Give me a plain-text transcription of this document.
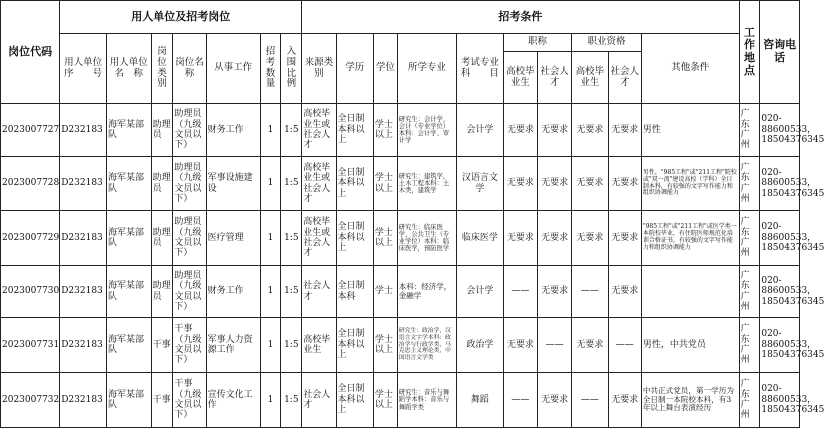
岗位代码	用人单位及招考岗位							招考条件										工作地点	咨询电话
	用人单位序　　号	用人单位名　称	岗位类别	岗位名称	从事工作	招考数量	入围比例	来源类别	学历	学位	所学专业	考试专业科　　目	职称		职业资格		其他条件		
													高校毕业生	社会人才	高校毕业生	社会人才			
2023007727	D232183	海军某部队	助理员	助理员（九级文员以下）	财务工作	1	1:5	高校毕业生或社会人才	全日制本科以上	学士以上	研究生：会计学，会计（专业学位）本科：会计学、审计学	会计学	无要求	无要求	无要求	无要求	男性	广东广州	020-88600533，18504376345
2023007728	D232183	海军某部队	助理员	助理员（九级文员以下）	军事设施建设	1	1:5	高校毕业生或社会人才	全日制本科以上	学士以上	研究生：建筑学，土木工程本科：土木类，建筑学	汉语言文学	无要求	无要求	无要求	无要求	男性，"985工程"或"211工程"院校或"双一流"建设高校（学科）全日制本科，有较强的文字写作能力和组织协调能力	广东广州	020-88600533，18504376345
2023007729	D232183	海军某部队	助理员	助理员（九级文员以下）	医疗管理	1	1:5	高校毕业生或社会人才	全日制本科以上	学士以上	研究生：临床医学，公共卫生（专业学位）本科：临床医学，预防医学	临床医学	无要求	无要求	无要求	无要求	"985工程"或"211工程"或医学类一本院校毕业，有住院医师规范化培训合格证书，有较强的文字写作能力和组织协调能力	广东广州	020-88600533，18504376345
2023007730	D232183	海军某部队	助理员	助理员（九级文员以下）	财务工作	1	1:5	社会人才	全日制本科	学士	本科：经济学，金融学	会计学	——	无要求	——	无要求		广东广州	020-88600533，18504376345
2023007731	D232183	海军某部队	干事	干事（九级文员以下）	军事人力资源工作	1	1:5	高校毕业生	全日制本科以上	学士以上	研究生：政治学，汉语言文字学本科：政治学与行政学类，马克思主义理论类，中国语言文学类	政治学	无要求	——	无要求	——	男性，中共党员	广东广州	020-88600533，18504376345
2023007732	D232183	海军某部队	干事	干事（九级文员以下）	宣传文化工作	1	1:5	社会人才	全日制本科以上	学士以上	研究生：音乐与舞蹈学本科：音乐与舞蹈学类	舞蹈	——	无要求	——	无要求	中共正式党员，第一学历为全日制一本院校本科，有3年以上舞台表演经历	广东广州	020-88600533，18504376345
